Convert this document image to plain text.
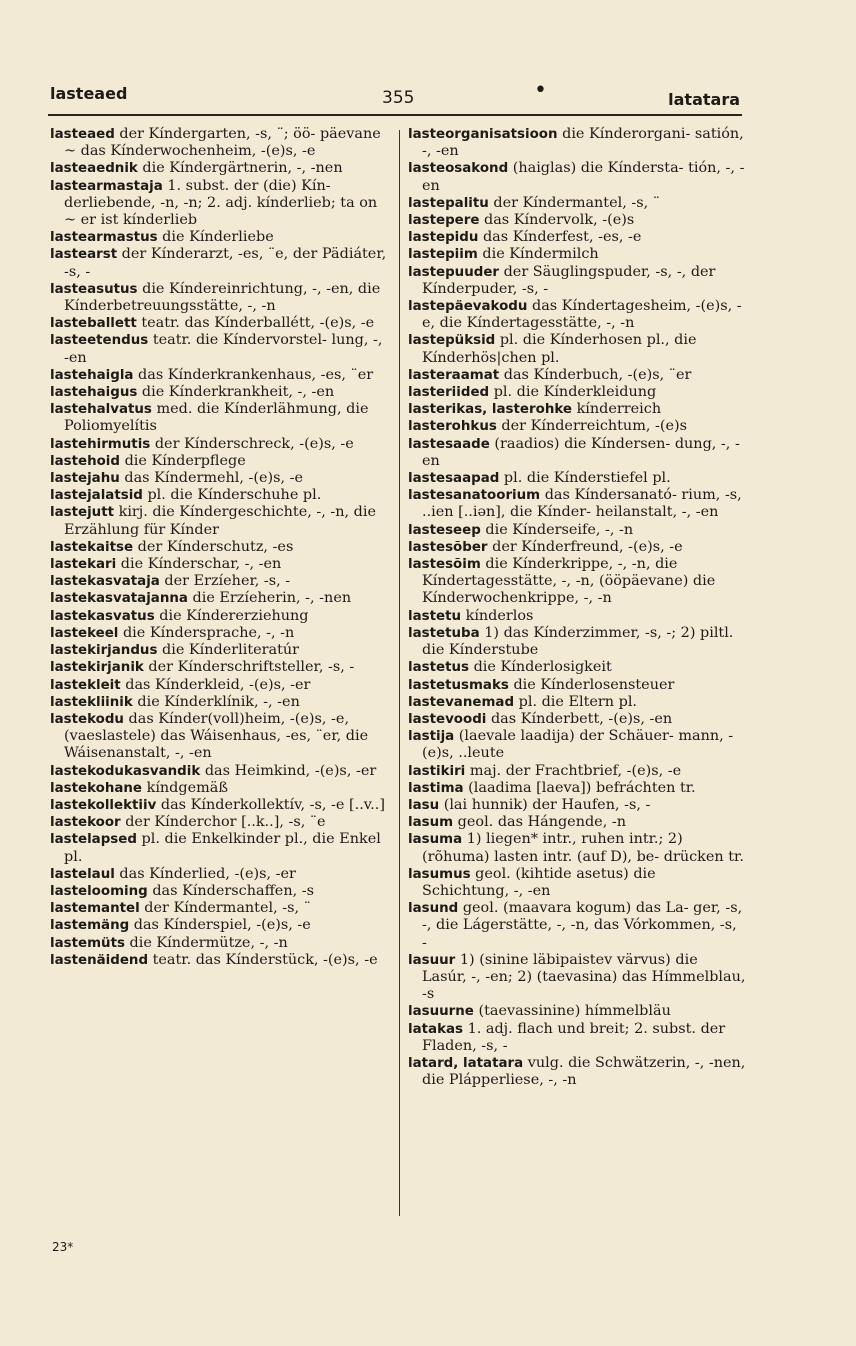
lasteaed	355	•	latatara

lasteaed der Kíndergarten, -s, ¨; öö- päevane ~ das Kínderwochenheim, -(e)s, -e

lasteaednik die Kíndergärtnerin, -, -nen

lastearmastaja 1. subst. der (die) Kín- derliebende, -n, -n; 2. adj. kínderlieb; ta on ~ er ist kínderlieb

lastearmastus die Kínderliebe

lastearst der Kínderarzt, -es, ¨e, der Pädiáter, -s, -

lasteasutus die Kíndereinrichtung, -, -en, die Kínderbetreuungsstätte, -, -n

lasteballett teatr. das Kínderballétt, -(e)s, -e

lasteetendus teatr. die Kíndervorstel- lung, -, -en

lastehaigla das Kínderkrankenhaus, -es, ¨er

lastehaigus die Kínderkrankheit, -, -en

lastehalvatus med. die Kínderlähmung, die Poliomyelítis

lastehirmutis der Kínderschreck, -(e)s, -e

lastehoid die Kínderpflege

lastejahu das Kíndermehl, -(e)s, -e

lastejalatsid pl. die Kínderschuhe pl.

lastejutt kirj. die Kíndergeschichte, -, -n, die Erzählung für Kínder

lastekaitse der Kínderschutz, -es

lastekari die Kínderschar, -, -en

lastekasvataja der Erzíeher, -s, -

lastekasvatajanna die Erzíeherin, -, -nen

lastekasvatus die Kíndererziehung

lastekeel die Kíndersprache, -, -n

lastekirjandus die Kínderliteratúr

lastekirjanik der Kínderschriftsteller, -s, -

lastekleit das Kínderkleid, -(e)s, -er

lastekliinik die Kínderklínik, -, -en

lastekodu das Kínder(voll)heim, -(e)s, -e, (vaeslastele) das Wáisenhaus, -es, ¨er, die Wáisenanstalt, -, -en

lastekodukasvandik das Heimkind, -(e)s, -er

lastekohane kíndgemäß

lastekollektiiv das Kínderkollektív, -s, -e [..v..]

lastekoor der Kínderchor [..k..], -s, ¨e

lastelapsed pl. die Enkelkinder pl., die Enkel pl.

lastelaul das Kínderlied, -(e)s, -er

lastelooming das Kínderschaffen, -s

lastemantel der Kíndermantel, -s, ¨

lastemäng das Kínderspiel, -(e)s, -e

lastemüts die Kíndermütze, -, -n

lastenäidend teatr. das Kínderstück, -(e)s, -e

lasteorganisatsioon die Kínderorgani- satión, -, -en

lasteosakond (haiglas) die Kíndersta- tión, -, -en

lastepalitu der Kíndermantel, -s, ¨

lastepere das Kíndervolk, -(e)s

lastepidu das Kínderfest, -es, -e

lastepiim die Kíndermilch

lastepuuder der Säuglingspuder, -s, -, der Kínderpuder, -s, -

lastepäevakodu das Kíndertagesheim, -(e)s, -e, die Kíndertagesstätte, -, -n

lastepüksid pl. die Kínderhosen pl., die Kínderhös|chen pl.

lasteraamat das Kínderbuch, -(e)s, ¨er

lasteriided pl. die Kínderkleidung

lasterikas, lasterohke kínderreich

lasterohkus der Kínderreichtum, -(e)s

lastesaade (raadios) die Kíndersen- dung, -, -en

lastesaapad pl. die Kínderstiefel pl.

lastesanatoorium das Kíndersanató- rium, -s, ..ien [..iən], die Kínder- heilanstalt, -, -en

lasteseep die Kínderseife, -, -n

lastesõber der Kínderfreund, -(e)s, -e

lastesõim die Kínderkrippe, -, -n, die Kíndertagesstätte, -, -n, (ööpäevane) die Kínderwochenkrippe, -, -n

lastetu kínderlos

lastetuba 1) das Kínderzimmer, -s, -; 2) piltl. die Kínderstube

lastetus die Kínderlosigkeit

lastetusmaks die Kínderlosensteuer

lastevanemad pl. die Eltern pl.

lastevoodi das Kínderbett, -(e)s, -en

lastija (laevale laadija) der Schäuer- mann, -(e)s, ..leute

lastikiri maj. der Frachtbrief, -(e)s, -e

lastima (laadima [laeva]) befráchten tr.

lasu (lai hunnik) der Haufen, -s, -

lasum geol. das Hángende, -n

lasuma 1) liegen* intr., ruhen intr.; 2) (rõhuma) lasten intr. (auf D), be- drücken tr.

lasumus geol. (kihtide asetus) die Schichtung, -, -en

lasund geol. (maavara kogum) das La- ger, -s, -, die Lágerstätte, -, -n, das Vórkommen, -s, -

lasuur 1) (sinine läbipaistev värvus) die Lasúr, -, -en; 2) (taevasina) das Hímmelblau, -s

lasuurne (taevassinine) hímmelbläu

latakas 1. adj. flach und breit; 2. subst. der Fladen, -s, -

latard, latatara vulg. die Schwätzerin, -, -nen, die Plápperliese, -, -n

23*
